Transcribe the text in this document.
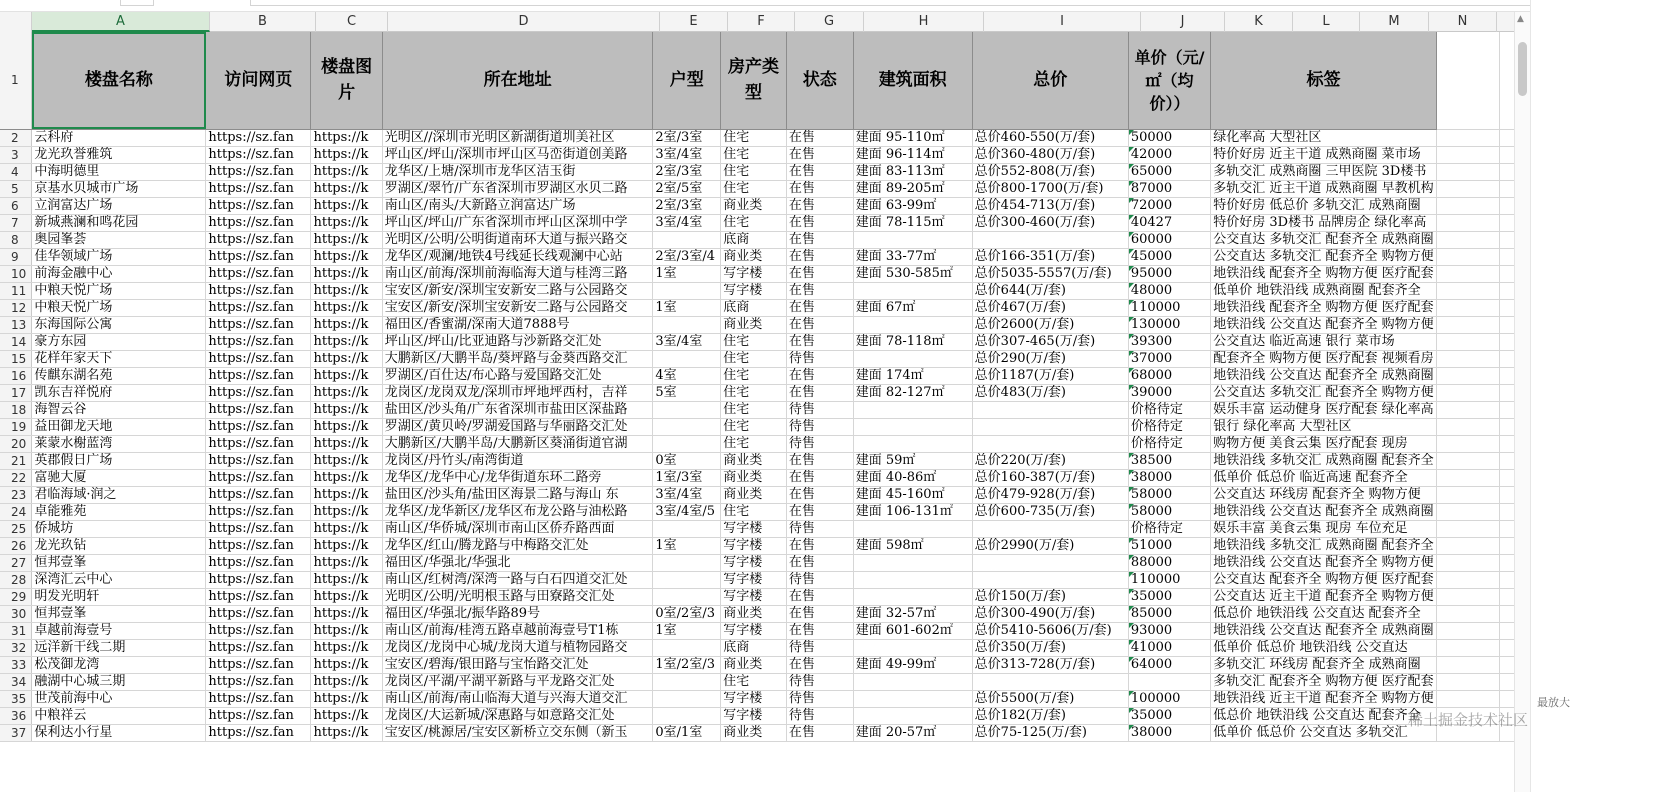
A	B	C	D	E	F	G	H	I	J	K	L	M	N
1	楼盘名称	访问网页	楼盘图片	所在地址	户型	房产类型	状态	建筑面积	总价	单价（元/㎡（均价））	标签			
2	云科府	https://sz.fan	https://k	光明区//深圳市光明区新湖街道圳美社区	2室/3室	住宅	在售	建面 95-110㎡	总价460-550(万/套)	50000	绿化率高 大型社区			
3	龙光玖誉雅筑	https://sz.fan	https://k	坪山区/坪山/深圳市坪山区马峦街道创美路	3室/4室	住宅	在售	建面 96-114㎡	总价360-480(万/套)	42000	特价好房 近主干道 成熟商圈 菜市场			
4	中海明德里	https://sz.fan	https://k	龙华区/上塘/深圳市龙华区洁玉街	2室/3室	住宅	在售	建面 83-113㎡	总价552-808(万/套)	65000	多轨交汇 成熟商圈 三甲医院 3D楼书			
5	京基水贝城市广场	https://sz.fan	https://k	罗湖区/翠竹/广东省深圳市罗湖区水贝二路	2室/5室	住宅	在售	建面 89-205㎡	总价800-1700(万/套)	87000	多轨交汇 近主干道 成熟商圈 早教机构			
6	立润富达广场	https://sz.fan	https://k	南山区/南头/大新路立润富达广场	2室/3室	商业类	在售	建面 63-99㎡	总价454-713(万/套)	72000	特价好房 低总价 多轨交汇 成熟商圈			
7	新城燕澜和鸣花园	https://sz.fan	https://k	坪山区/坪山/广东省深圳市坪山区深圳中学	3室/4室	住宅	在售	建面 78-115㎡	总价300-460(万/套)	40427	特价好房 3D楼书 品牌房企 绿化率高			
8	奥园峯荟	https://sz.fan	https://k	光明区/公明/公明街道南环大道与振兴路交		底商	在售			60000	公交直达 多轨交汇 配套齐全 成熟商圈			
9	佳华领域广场	https://sz.fan	https://k	龙华区/观澜/地铁4号线延长线观澜中心站	2室/3室/4	商业类	在售	建面 33-77㎡	总价166-351(万/套)	45000	公交直达 多轨交汇 配套齐全 购物方便			
10	前海金融中心	https://sz.fan	https://k	南山区/前海/深圳前海临海大道与桂湾三路	1室	写字楼	在售	建面 530-585㎡	总价5035-5557(万/套)	95000	地铁沿线 配套齐全 购物方便 医疗配套			
11	中粮天悦广场	https://sz.fan	https://k	宝安区/新安/深圳宝安新安二路与公园路交		写字楼	在售		总价644(万/套)	48000	低单价 地铁沿线 成熟商圈 配套齐全			
12	中粮天悦广场	https://sz.fan	https://k	宝安区/新安/深圳宝安新安二路与公园路交	1室	底商	在售	建面 67㎡	总价467(万/套)	110000	地铁沿线 配套齐全 购物方便 医疗配套			
13	东海国际公寓	https://sz.fan	https://k	福田区/香蜜湖/深南大道7888号		商业类	在售		总价2600(万/套)	130000	地铁沿线 公交直达 配套齐全 购物方便			
14	豪方东园	https://sz.fan	https://k	坪山区/坪山/比亚迪路与沙新路交汇处	3室/4室	住宅	在售	建面 78-118㎡	总价307-465(万/套)	39300	公交直达 临近高速 银行 菜市场			
15	花样年家天下	https://sz.fan	https://k	大鹏新区/大鹏半岛/葵坪路与金葵西路交汇		住宅	待售		总价290(万/套)	37000	配套齐全 购物方便 医疗配套 视频看房			
16	传麒东湖名苑	https://sz.fan	https://k	罗湖区/百仕达/布心路与爱国路交汇处	4室	住宅	在售	建面 174㎡	总价1187(万/套)	68000	地铁沿线 公交直达 配套齐全 成熟商圈			
17	凯东吉祥悦府	https://sz.fan	https://k	龙岗区/龙岗双龙/深圳市坪地坪西村，吉祥	5室	住宅	在售	建面 82-127㎡	总价483(万/套)	39000	公交直达 多轨交汇 配套齐全 购物方便			
18	海智云谷	https://sz.fan	https://k	盐田区/沙头角/广东省深圳市盐田区深盐路		住宅	待售			价格待定	娱乐丰富 运动健身 医疗配套 绿化率高			
19	益田御龙天地	https://sz.fan	https://k	罗湖区/黄贝岭/罗湖爱国路与华丽路交汇处		住宅	待售			价格待定	银行 绿化率高 大型社区			
20	莱蒙水榭蓝湾	https://sz.fan	https://k	大鹏新区/大鹏半岛/大鹏新区葵涌街道官湖		住宅	待售			价格待定	购物方便 美食云集 医疗配套 现房			
21	英郡假日广场	https://sz.fan	https://k	龙岗区/丹竹头/南湾街道	0室	商业类	在售	建面 59㎡	总价220(万/套)	38500	地铁沿线 多轨交汇 成熟商圈 配套齐全			
22	富驰大厦	https://sz.fan	https://k	龙华区/龙华中心/龙华街道东环二路旁	1室/3室	商业类	在售	建面 40-86㎡	总价160-387(万/套)	38000	低单价 低总价 临近高速 配套齐全			
23	君临海域·润之	https://sz.fan	https://k	盐田区/沙头角/盐田区海景二路与海山 东	3室/4室	商业类	在售	建面 45-160㎡	总价479-928(万/套)	58000	公交直达 环线房 配套齐全 购物方便			
24	卓能雅苑	https://sz.fan	https://k	龙华区/龙华新区/龙华区布龙公路与油松路	3室/4室/5	住宅	在售	建面 106-131㎡	总价600-735(万/套)	58000	地铁沿线 公交直达 配套齐全 成熟商圈			
25	侨城坊	https://sz.fan	https://k	南山区/华侨城/深圳市南山区侨乔路西面		写字楼	待售			价格待定	娱乐丰富 美食云集 现房 车位充足			
26	龙光玖钻	https://sz.fan	https://k	龙华区/红山/腾龙路与中梅路交汇处	1室	写字楼	在售	建面 598㎡	总价2990(万/套)	51000	地铁沿线 多轨交汇 成熟商圈 配套齐全			
27	恒邦壹峯	https://sz.fan	https://k	福田区/华强北/华强北		写字楼	在售			88000	地铁沿线 公交直达 配套齐全 购物方便			
28	深湾汇云中心	https://sz.fan	https://k	南山区/红树湾/深湾一路与白石四道交汇处		写字楼	待售			110000	公交直达 配套齐全 购物方便 医疗配套			
29	明发光明轩	https://sz.fan	https://k	光明区/公明/光明根玉路与田寮路交汇处		写字楼	在售		总价150(万/套)	35000	公交直达 近主干道 配套齐全 购物方便			
30	恒邦壹峯	https://sz.fan	https://k	福田区/华强北/振华路89号	0室/2室/3	商业类	在售	建面 32-57㎡	总价300-490(万/套)	85000	低总价 地铁沿线 公交直达 配套齐全			
31	卓越前海壹号	https://sz.fan	https://k	南山区/前海/桂湾五路卓越前海壹号T1栋	1室	写字楼	在售	建面 601-602㎡	总价5410-5606(万/套)	93000	地铁沿线 公交直达 配套齐全 成熟商圈			
32	远洋新干线二期	https://sz.fan	https://k	龙岗区/龙岗中心城/龙岗大道与植物园路交		底商	待售		总价350(万/套)	41000	低单价 低总价 地铁沿线 公交直达			
33	松茂御龙湾	https://sz.fan	https://k	宝安区/碧海/银田路与宝怡路交汇处	1室/2室/3	商业类	在售	建面 49-99㎡	总价313-728(万/套)	64000	多轨交汇 环线房 配套齐全 成熟商圈			
34	融湖中心城三期	https://sz.fan	https://k	龙岗区/平湖/平湖平新路与平龙路交汇处		住宅	待售				多轨交汇 配套齐全 购物方便 医疗配套			
35	世茂前海中心	https://sz.fan	https://k	南山区/前海/南山临海大道与兴海大道交汇		写字楼	待售		总价5500(万/套)	100000	地铁沿线 近主干道 配套齐全 购物方便			
36	中粮祥云	https://sz.fan	https://k	龙岗区/大运新城/深惠路与如意路交汇处		写字楼	待售		总价182(万/套)	35000	低总价 地铁沿线 公交直达 配套齐全			
37	保利达小行星	https://sz.fan	https://k	宝安区/桃源居/宝安区新桥立交东侧（新玉	0室/1室	商业类	在售	建面 20-57㎡	总价75-125(万/套)	38000	低单价 低总价 公交直达 多轨交汇			
▲
最放大
稀土掘金技术社区
